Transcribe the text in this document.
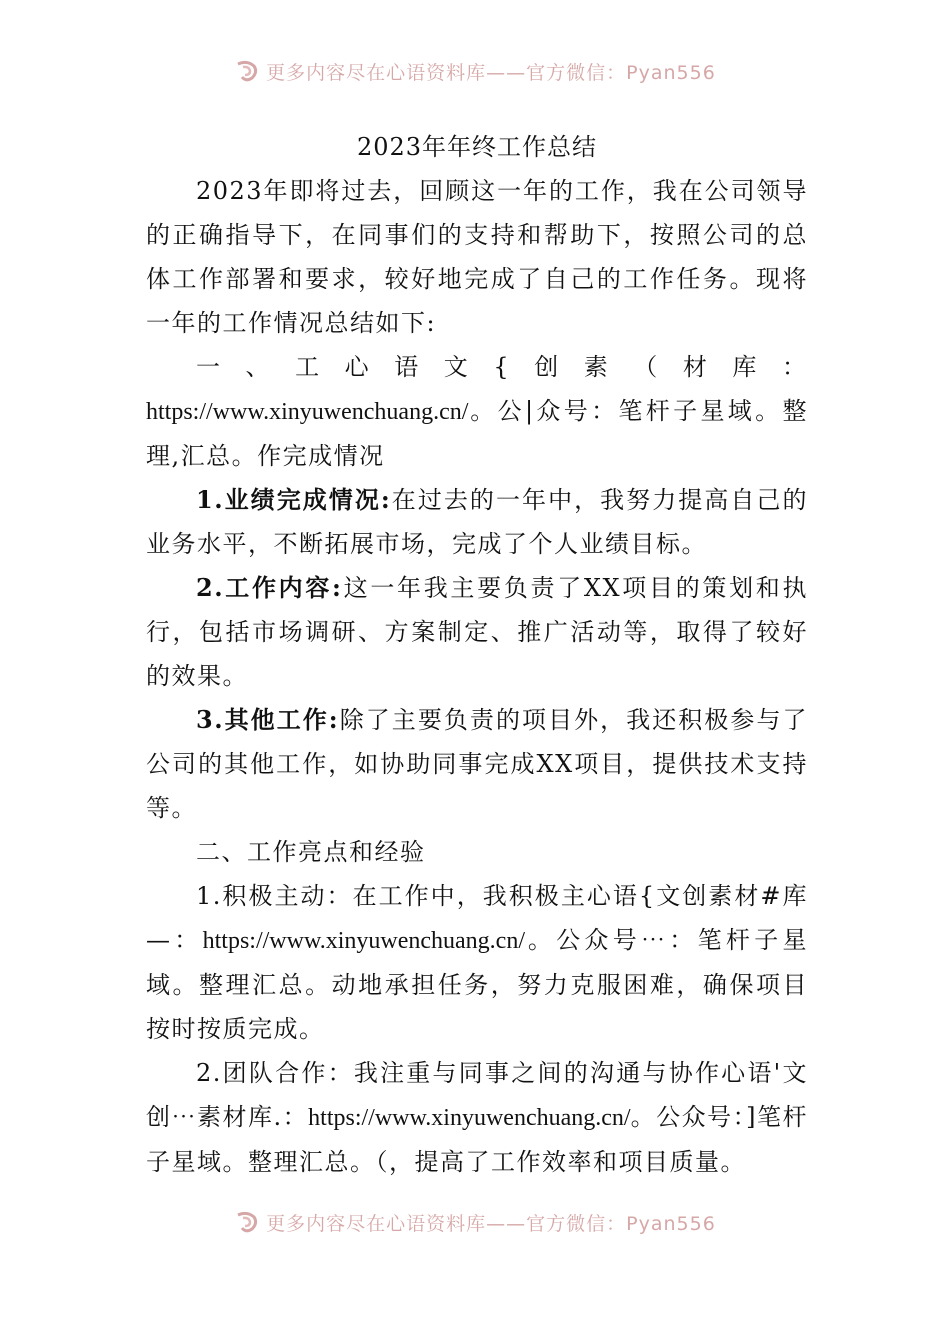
更多内容尽在心语资料库——官方微信：Pyan556

2023年年终工作总结

2023年即将过去，回顾这一年的工作，我在公司领导的正确指导下，在同事们的支持和帮助下，按照公司的总体工作部署和要求，较好地完成了自己的工作任务。现将一年的工作情况总结如下:

一、工心语文{创素（材库：

https://www.xinyuwenchuang.cn/。公|众号：笔杆子星域。整理,汇总。作完成情况

1.业绩完成情况:在过去的一年中，我努力提高自己的业务水平，不断拓展市场，完成了个人业绩目标。

2.工作内容:这一年我主要负责了XX项目的策划和执行，包括市场调研、方案制定、推广活动等，取得了较好的效果。

3.其他工作:除了主要负责的项目外，我还积极参与了公司的其他工作，如协助同事完成XX项目，提供技术支持等。

二、工作亮点和经验

1.积极主动：在工作中，我积极主心语{文创素材#库—：https://www.xinyuwenchuang.cn/。公众号⋯：笔杆子星域。整理汇总。动地承担任务，努力克服困难，确保项目按时按质完成。

2.团队合作：我注重与同事之间的沟通与协作心语'文创⋯素材库.：https://www.xinyuwenchuang.cn/。公众号：]笔杆子星域。整理汇总。（，提高了工作效率和项目质量。

更多内容尽在心语资料库——官方微信：Pyan556
